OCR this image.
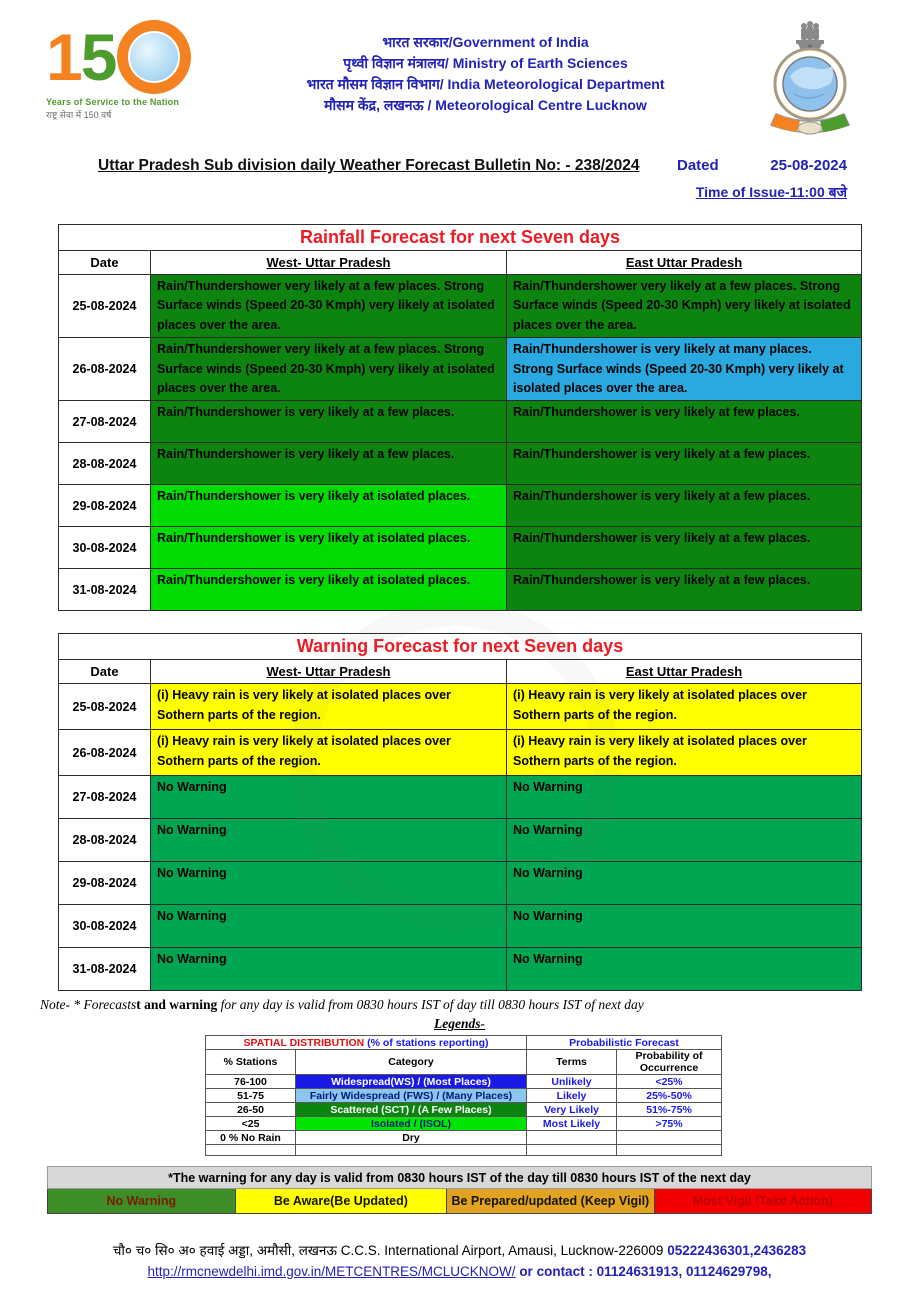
1 5
Years of Service to the Nation
राष्ट्र सेवा में 150 वर्ष
भारत सरकार/Government of India
पृथ्वी विज्ञान मंत्रालय/ Ministry of Earth Sciences
भारत मौसम विज्ञान विभाग/ India Meteorological Department
मौसम केंद्र, लखनऊ / Meteorological Centre Lucknow
Uttar Pradesh Sub division daily Weather Forecast Bulletin No: - 238/2024	Dated	25-08-2024
Time of Issue-11:00 बजे
Rainfall Forecast for next Seven days		
Date	West- Uttar Pradesh	East Uttar Pradesh
25-08-2024	Rain/Thundershower very likely at a few places. Strong Surface winds (Speed 20-30 Kmph) very likely at isolated places over the area.	Rain/Thundershower very likely at a few places. Strong Surface winds (Speed 20-30 Kmph) very likely at isolated places over the area.
26-08-2024	Rain/Thundershower very likely at a few places. Strong Surface winds (Speed 20-30 Kmph) very likely at isolated places over the area.	Rain/Thundershower is very likely at many places. Strong Surface winds (Speed 20-30 Kmph) very likely at isolated places over the area.
27-08-2024	Rain/Thundershower is very likely at a few places.	Rain/Thundershower is very likely at few places.
28-08-2024	Rain/Thundershower is very likely at a few places.	Rain/Thundershower is very likely at a few places.
29-08-2024	Rain/Thundershower is very likely at isolated places.	Rain/Thundershower is very likely at a few places.
30-08-2024	Rain/Thundershower is very likely at isolated places.	Rain/Thundershower is very likely at a few places.
31-08-2024	Rain/Thundershower is very likely at isolated places.	Rain/Thundershower is very likely at a few places.
Warning Forecast for next Seven days		
Date	West- Uttar Pradesh	East Uttar Pradesh
25-08-2024	(i) Heavy rain is very likely at isolated places over Sothern parts of the region.	(i) Heavy rain is very likely at isolated places over Sothern parts of the region.
26-08-2024	(i) Heavy rain is very likely at isolated places over Sothern parts of the region.	(i) Heavy rain is very likely at isolated places over Sothern parts of the region.
27-08-2024	No Warning	No Warning
28-08-2024	No Warning	No Warning
29-08-2024	No Warning	No Warning
30-08-2024	No Warning	No Warning
31-08-2024	No Warning	No Warning
Note- * Forecastst and warning for any day is valid from 0830 hours IST of day till 0830 hours IST of next day
Legends-
SPATIAL DISTRIBUTION (% of stations reporting)		Probabilistic Forecast	
% Stations	Category	Terms	Probability of Occurrence
76-100	Widespread(WS) / (Most Places)	Unlikely	<25%
51-75	Fairly Widespread (FWS) / (Many Places)	Likely	25%-50%
26-50	Scattered (SCT) / (A Few Places)	Very Likely	51%-75%
<25	Isolated / (ISOL)	Most Likely	>75%
0 % No Rain	Dry		

*The warning for any day is valid from 0830 hours IST of the day till 0830 hours IST of the next day
No Warning	Be Aware(Be Updated)	Be Prepared/updated (Keep Vigil)	Most Vigil (Take Action)
चौ० च० सि० अ० हवाई अड्डा, अमौसी, लखनऊ C.C.S. International Airport, Amausi, Lucknow-226009 05222436301,2436283
http://rmcnewdelhi.imd.gov.in/METCENTRES/MCLUCKNOW/ or contact : 01124631913, 01124629798,
